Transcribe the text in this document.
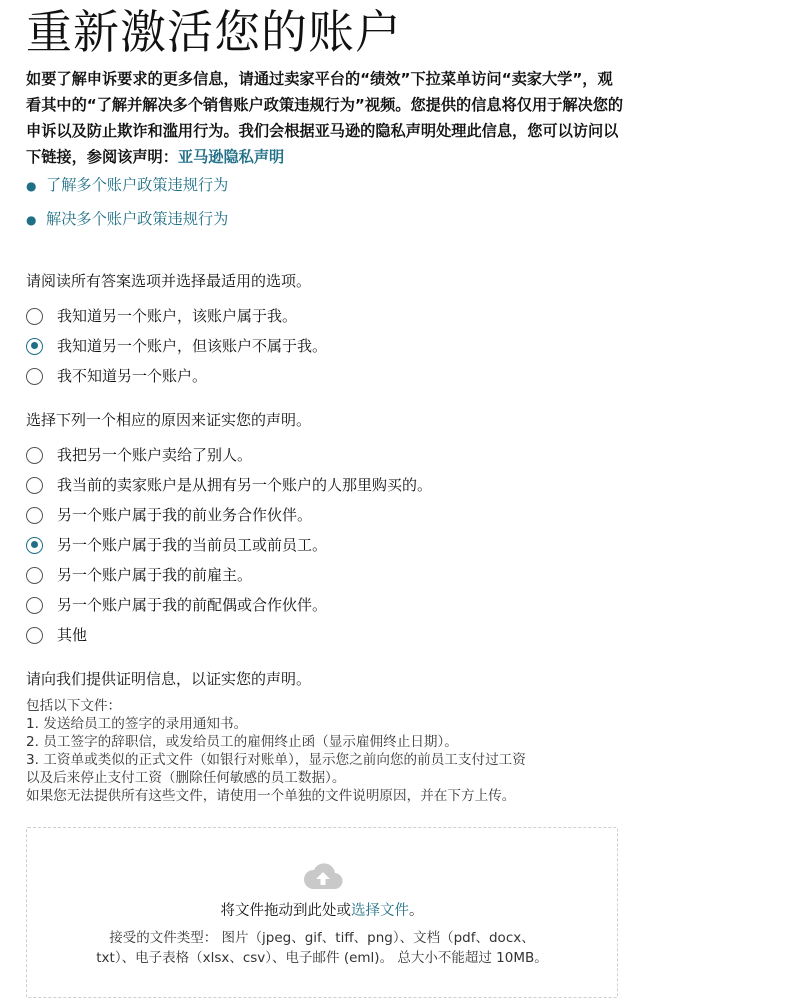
重新激活您的账户

如要了解申诉要求的更多信息，请通过卖家平台的“绩效”下拉菜单访问“卖家大学”，观看其中的“了解并解决多个销售账户政策违规行为”视频。您提供的信息将仅用于解决您的申诉以及防止欺诈和滥用行为。我们会根据亚马逊的隐私声明处理此信息，您可以访问以下链接，参阅该声明：亚马逊隐私声明

● 了解多个账户政策违规行为
● 解决多个账户政策违规行为

请阅读所有答案选项并选择最适用的选项。

我知道另一个账户，该账户属于我。
我知道另一个账户，但该账户不属于我。
我不知道另一个账户。

选择下列一个相应的原因来证实您的声明。

我把另一个账户卖给了别人。
我当前的卖家账户是从拥有另一个账户的人那里购买的。
另一个账户属于我的前业务合作伙伴。
另一个账户属于我的当前员工或前员工。
另一个账户属于我的前雇主。
另一个账户属于我的前配偶或合作伙伴。
其他

请向我们提供证明信息，以证实您的声明。

包括以下文件：
1. 发送给员工的签字的录用通知书。
2. 员工签字的辞职信，或发给员工的雇佣终止函（显示雇佣终止日期）。
3. 工资单或类似的正式文件（如银行对账单），显示您之前向您的前员工支付过工资
以及后来停止支付工资（删除任何敏感的员工数据）。
如果您无法提供所有这些文件，请使用一个单独的文件说明原因，并在下方上传。
将文件拖动到此处或选择文件。
接受的文件类型： 图片（jpeg、gif、tiff、png）、文档（pdf、docx、
txt）、电子表格（xlsx、csv）、电子邮件 (eml)。 总大小不能超过 10MB。
